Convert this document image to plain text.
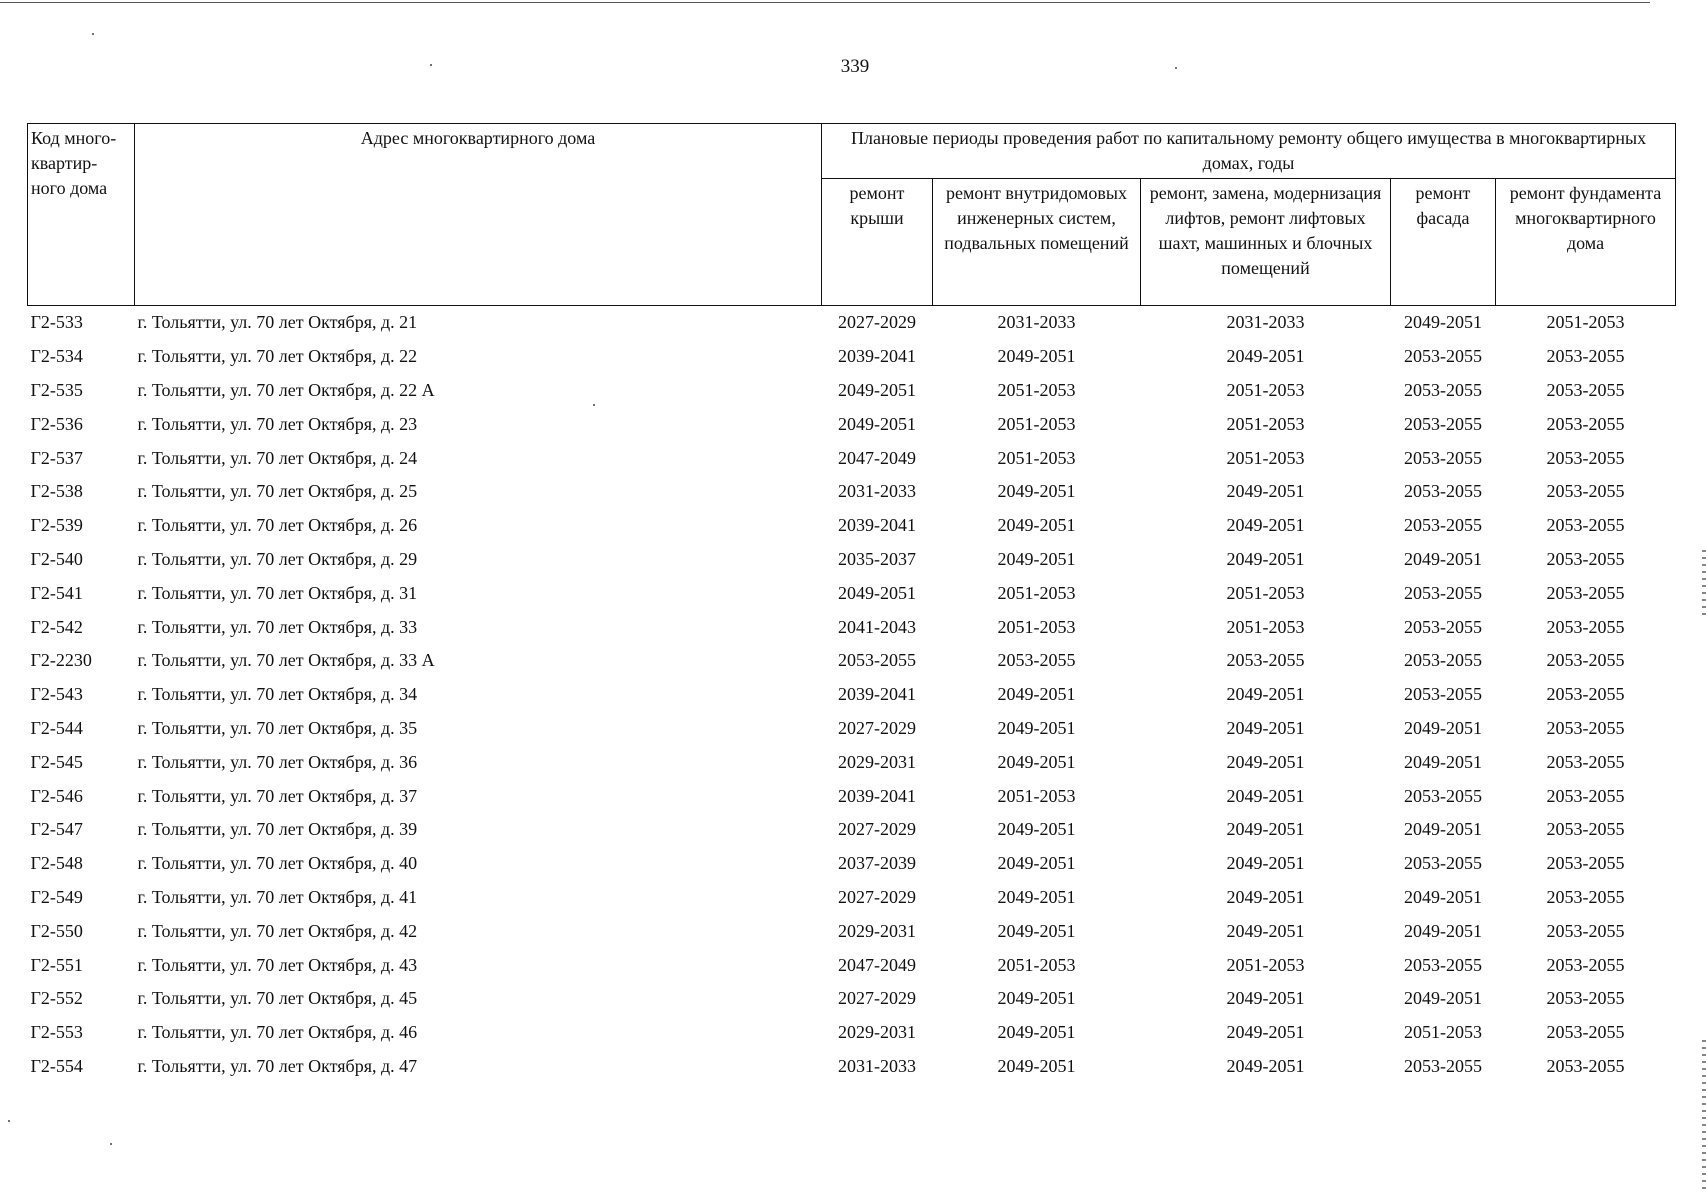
339
Код много-квартир-ного дома	Адрес многоквартирного дома	Плановые периоды проведения работ по капитальному ремонту общего имущества в многоквартирных домах, годы				
		ремонт крыши	ремонт внутридомовых инженерных систем, подвальных помещений	ремонт, замена, модернизация лифтов, ремонт лифтовых шахт, машинных и блочных помещений	ремонт фасада	ремонт фундамента многоквартирного дома
Г2-533	г. Тольятти, ул. 70 лет Октября, д. 21	2027-2029	2031-2033	2031-2033	2049-2051	2051-2053
Г2-534	г. Тольятти, ул. 70 лет Октября, д. 22	2039-2041	2049-2051	2049-2051	2053-2055	2053-2055
Г2-535	г. Тольятти, ул. 70 лет Октября, д. 22 А	2049-2051	2051-2053	2051-2053	2053-2055	2053-2055
Г2-536	г. Тольятти, ул. 70 лет Октября, д. 23	2049-2051	2051-2053	2051-2053	2053-2055	2053-2055
Г2-537	г. Тольятти, ул. 70 лет Октября, д. 24	2047-2049	2051-2053	2051-2053	2053-2055	2053-2055
Г2-538	г. Тольятти, ул. 70 лет Октября, д. 25	2031-2033	2049-2051	2049-2051	2053-2055	2053-2055
Г2-539	г. Тольятти, ул. 70 лет Октября, д. 26	2039-2041	2049-2051	2049-2051	2053-2055	2053-2055
Г2-540	г. Тольятти, ул. 70 лет Октября, д. 29	2035-2037	2049-2051	2049-2051	2049-2051	2053-2055
Г2-541	г. Тольятти, ул. 70 лет Октября, д. 31	2049-2051	2051-2053	2051-2053	2053-2055	2053-2055
Г2-542	г. Тольятти, ул. 70 лет Октября, д. 33	2041-2043	2051-2053	2051-2053	2053-2055	2053-2055
Г2-2230	г. Тольятти, ул. 70 лет Октября, д. 33 А	2053-2055	2053-2055	2053-2055	2053-2055	2053-2055
Г2-543	г. Тольятти, ул. 70 лет Октября, д. 34	2039-2041	2049-2051	2049-2051	2053-2055	2053-2055
Г2-544	г. Тольятти, ул. 70 лет Октября, д. 35	2027-2029	2049-2051	2049-2051	2049-2051	2053-2055
Г2-545	г. Тольятти, ул. 70 лет Октября, д. 36	2029-2031	2049-2051	2049-2051	2049-2051	2053-2055
Г2-546	г. Тольятти, ул. 70 лет Октября, д. 37	2039-2041	2051-2053	2049-2051	2053-2055	2053-2055
Г2-547	г. Тольятти, ул. 70 лет Октября, д. 39	2027-2029	2049-2051	2049-2051	2049-2051	2053-2055
Г2-548	г. Тольятти, ул. 70 лет Октября, д. 40	2037-2039	2049-2051	2049-2051	2053-2055	2053-2055
Г2-549	г. Тольятти, ул. 70 лет Октября, д. 41	2027-2029	2049-2051	2049-2051	2049-2051	2053-2055
Г2-550	г. Тольятти, ул. 70 лет Октября, д. 42	2029-2031	2049-2051	2049-2051	2049-2051	2053-2055
Г2-551	г. Тольятти, ул. 70 лет Октября, д. 43	2047-2049	2051-2053	2051-2053	2053-2055	2053-2055
Г2-552	г. Тольятти, ул. 70 лет Октября, д. 45	2027-2029	2049-2051	2049-2051	2049-2051	2053-2055
Г2-553	г. Тольятти, ул. 70 лет Октября, д. 46	2029-2031	2049-2051	2049-2051	2051-2053	2053-2055
Г2-554	г. Тольятти, ул. 70 лет Октября, д. 47	2031-2033	2049-2051	2049-2051	2053-2055	2053-2055
